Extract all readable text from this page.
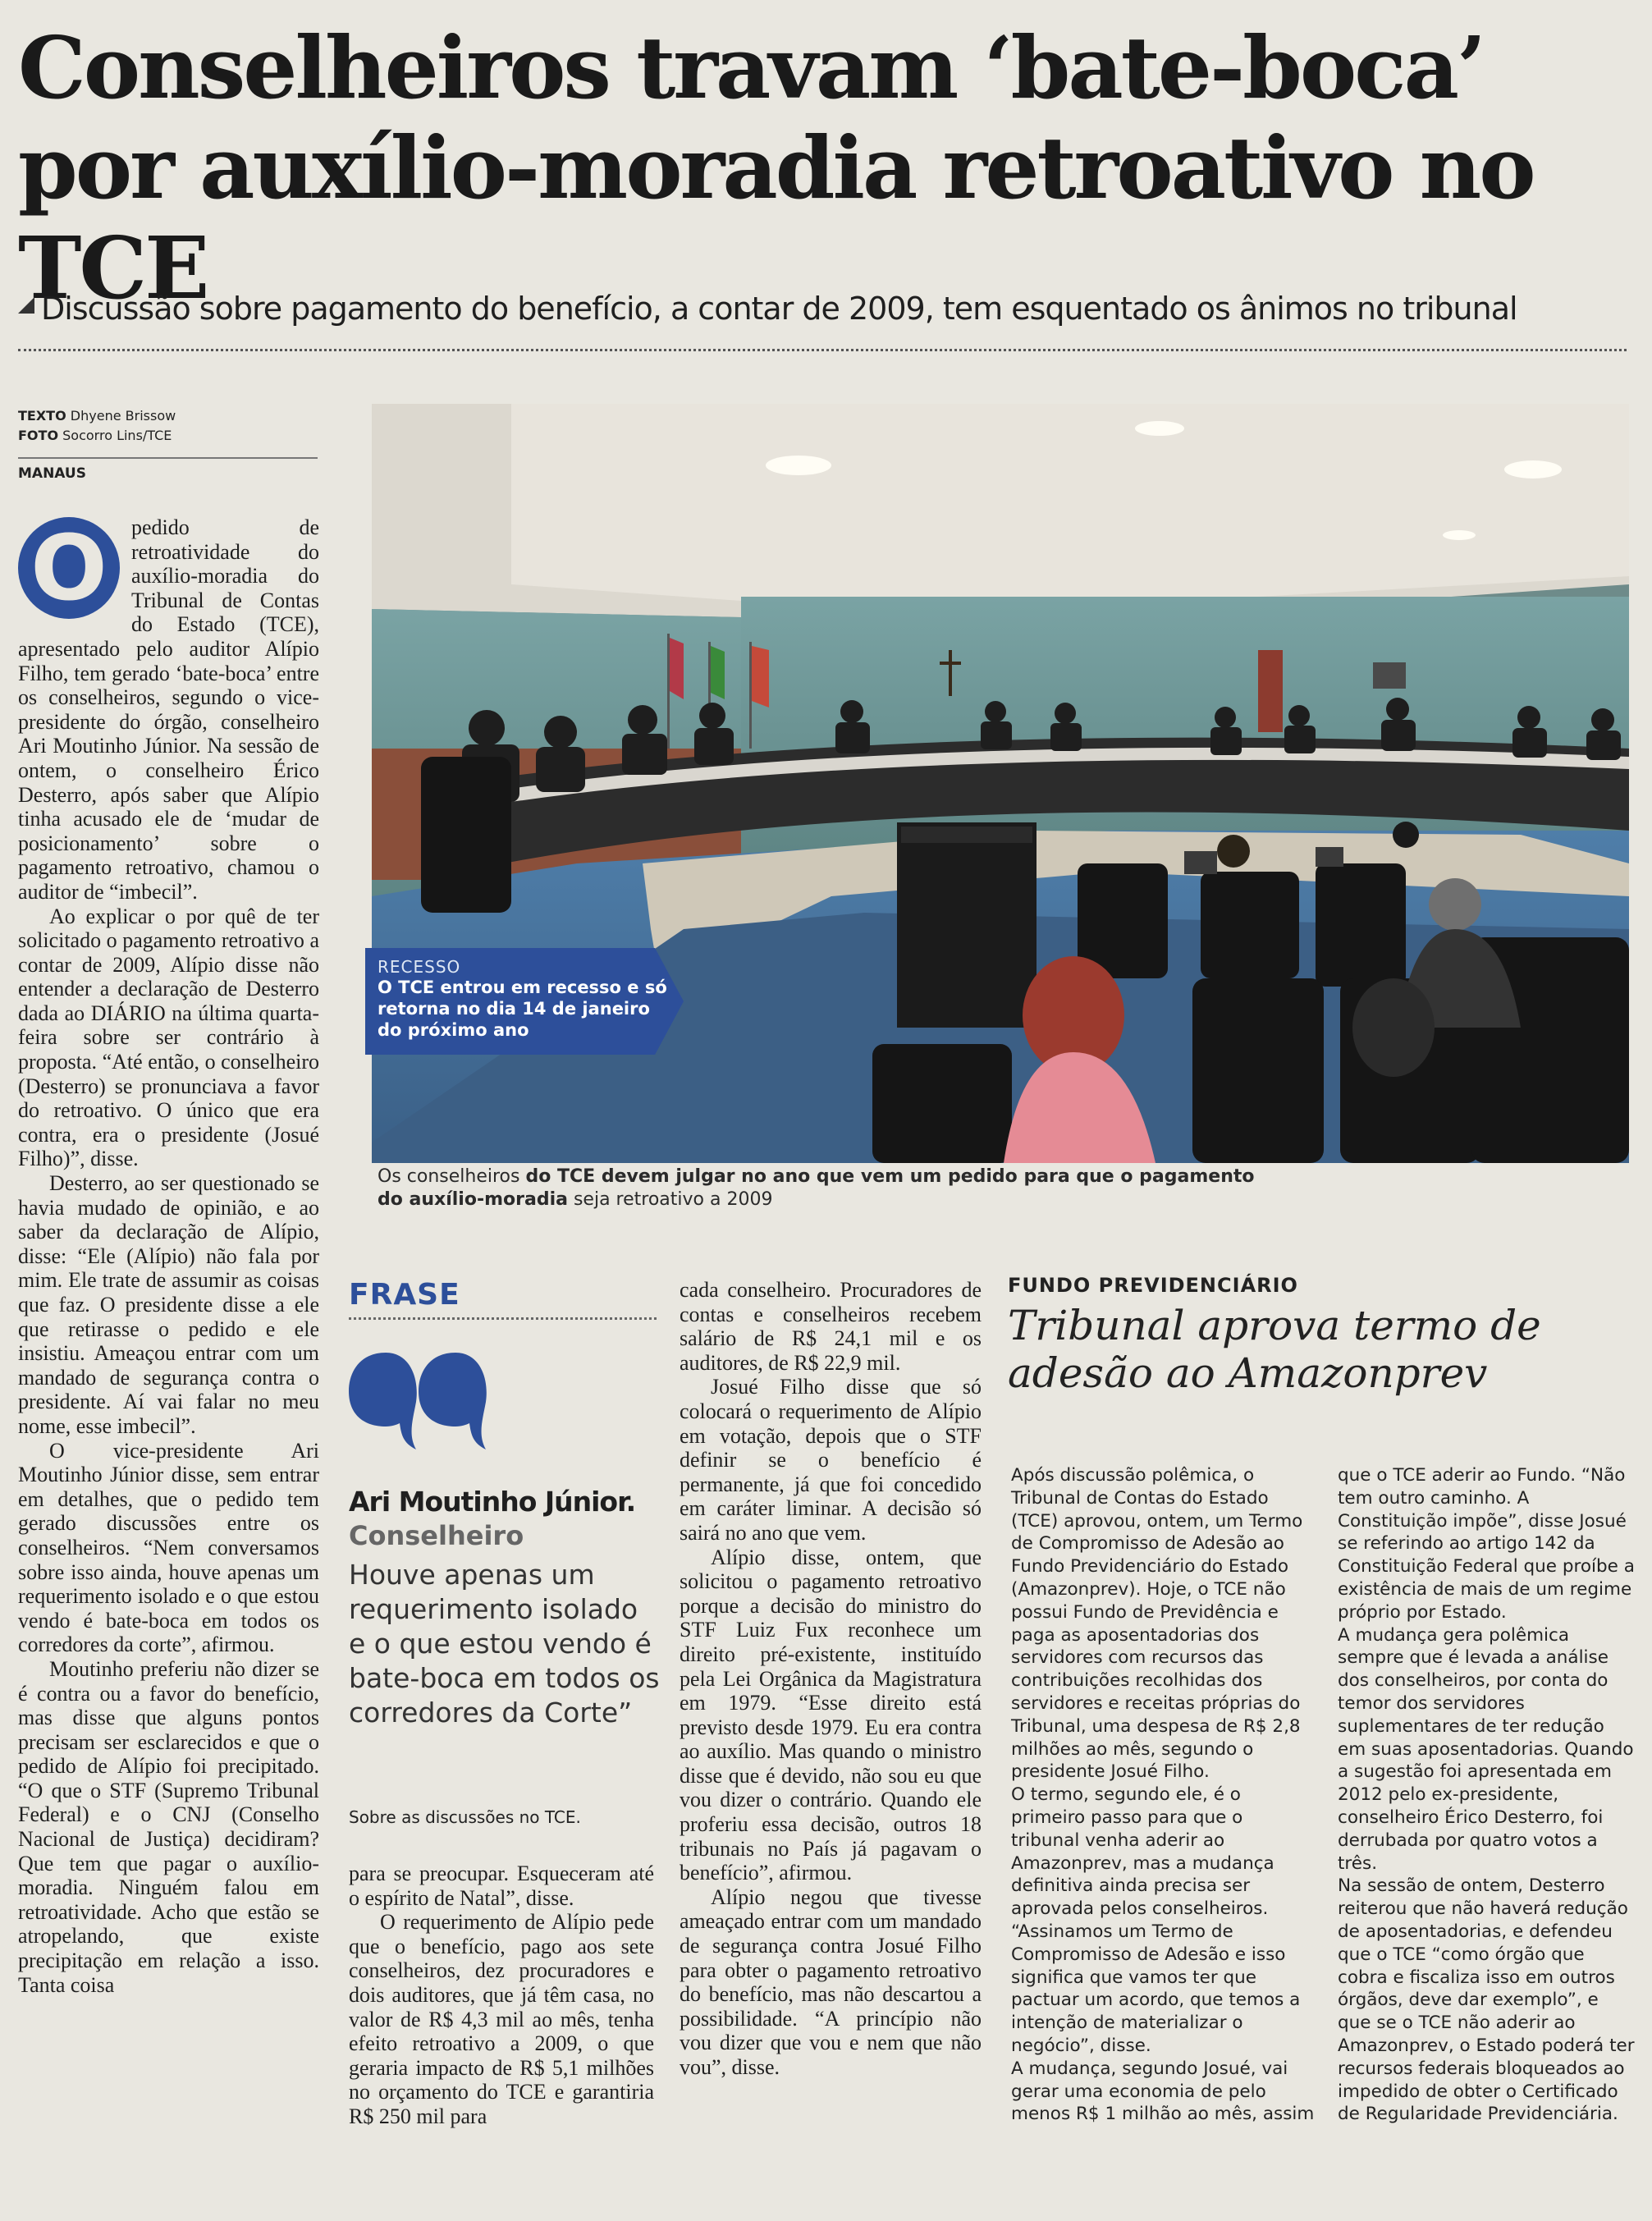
Conselheiros travam ‘bate-boca’ por auxílio-moradia retroativo no TCE
Discussão sobre pagamento do benefício, a contar de 2009, tem esquentado os ânimos no tribunal
TEXTO Dhyene Brissow
FOTO Socorro Lins/TCE
MANAUS

O	pedido de retroatividade do auxílio-moradia do Tribunal de Contas do Estado (TCE), apresentado pelo auditor Alípio Filho, tem gerado ‘bate-boca’ entre os conselheiros, segundo o vice-presidente do órgão, conselheiro Ari Moutinho Júnior. Na sessão de ontem, o conselheiro Érico Desterro, após saber que Alípio tinha acusado ele de ‘mudar de posicionamento’ sobre o pagamento retroativo, chamou o auditor de “imbecil”.

Ao explicar o por quê de ter solicitado o pagamento retroativo a contar de 2009, Alípio disse não entender a declaração de Desterro dada ao DIÁRIO na última quarta-feira sobre ser contrário à proposta. “Até então, o conselheiro (Desterro) se pronunciava a favor do retroativo. O único que era contra, era o presidente (Josué Filho)”, disse.

Desterro, ao ser questionado se havia mudado de opinião, e ao saber da declaração de Alípio, disse: “Ele (Alípio) não fala por mim. Ele trate de assumir as coisas que faz. O presidente disse a ele que retirasse o pedido e ele insistiu. Ameaçou entrar com um mandado de segurança contra o presidente. Aí vai falar no meu nome, esse imbecil”.

O vice-presidente Ari Moutinho Júnior disse, sem entrar em detalhes, que o pedido tem gerado discussões entre os conselheiros. “Nem conversamos sobre isso ainda, houve apenas um requerimento isolado e o que estou vendo é bate-boca em todos os corredores da corte”, afirmou.

Moutinho preferiu não dizer se é contra ou a favor do benefício, mas disse que alguns pontos precisam ser esclarecidos e que o pedido de Alípio foi precipitado. “O que o STF (Supremo Tribunal Federal) e o CNJ (Conselho Nacional de Justiça) decidiram? Que tem que pagar o auxílio-moradia. Ninguém falou em retroatividade. Acho que estão se atropelando, que existe precipitação em relação a isso. Tanta coisa

RECESSO
O TCE entrou em recesso e só retorna no dia 14 de janeiro do próximo ano
Os conselheiros do TCE devem julgar no ano que vem um pedido para que o pagamento do auxílio-moradia seja retroativo a 2009
FRASE
Ari Moutinho Júnior.
Conselheiro
Houve apenas um requerimento isolado e o que estou vendo é bate-boca em todos os corredores da Corte”
Sobre as discussões no TCE.

para se preocupar. Esqueceram até o espírito de Natal”, disse.

O requerimento de Alípio pede que o benefício, pago aos sete conselheiros, dez procuradores e dois auditores, que já têm casa, no valor de R$ 4,3 mil ao mês, tenha efeito retroativo a 2009, o que geraria impacto de R$ 5,1 milhões no orçamento do TCE e garantiria R$ 250 mil para

cada conselheiro. Procuradores de contas e conselheiros recebem salário de R$ 24,1 mil e os auditores, de R$ 22,9 mil.

Josué Filho disse que só colocará o requerimento de Alípio em votação, depois que o STF definir se o benefício é permanente, já que foi concedido em caráter liminar. A decisão só sairá no ano que vem.

Alípio disse, ontem, que solicitou o pagamento retroativo porque a decisão do ministro do STF Luiz Fux reconhece um direito pré-existente, instituído pela Lei Orgânica da Magistratura em 1979. “Esse direito está previsto desde 1979. Eu era contra ao auxílio. Mas quando o ministro disse que é devido, não sou eu que vou dizer o contrário. Quando ele proferiu essa decisão, outros 18 tribunais no País já pagavam o benefício”, afirmou.

Alípio negou que tivesse ameaçado entrar com um mandado de segurança contra Josué Filho para obter o pagamento retroativo do benefício, mas não descartou a possibilidade. “A princípio não vou dizer que vou e nem que não vou”, disse.

FUNDO PREVIDENCIÁRIO
Tribunal aprova termo de adesão ao Amazonprev

Após discussão polêmica, o Tribunal de Contas do Estado (TCE) aprovou, ontem, um Termo de Compromisso de Adesão ao Fundo Previdenciário do Estado (Amazonprev). Hoje, o TCE não possui Fundo de Previdência e paga as aposentadorias dos servidores com recursos das contribuições recolhidas dos servidores e receitas próprias do Tribunal, uma despesa de R$ 2,8 milhões ao mês, segundo o presidente Josué Filho.

O termo, segundo ele, é o primeiro passo para que o tribunal venha aderir ao Amazonprev, mas a mudança definitiva ainda precisa ser aprovada pelos conselheiros. “Assinamos um Termo de Compromisso de Adesão e isso significa que vamos ter que pactuar um acordo, que temos a intenção de materializar o negócio”, disse.

A mudança, segundo Josué, vai gerar uma economia de pelo menos R$ 1 milhão ao mês, assim

que o TCE aderir ao Fundo. “Não tem outro caminho. A Constituição impõe”, disse Josué se referindo ao artigo 142 da Constituição Federal que proíbe a existência de mais de um regime próprio por Estado.

A mudança gera polêmica sempre que é levada a análise dos conselheiros, por conta do temor dos servidores suplementares de ter redução em suas aposentadorias. Quando a sugestão foi apresentada em 2012 pelo ex-presidente, conselheiro Érico Desterro, foi derrubada por quatro votos a três.

Na sessão de ontem, Desterro reiterou que não haverá redução de aposentadorias, e defendeu que o TCE “como órgão que cobra e fiscaliza isso em outros órgãos, deve dar exemplo”, e que se o TCE não aderir ao Amazonprev, o Estado poderá ter recursos federais bloqueados ao impedido de obter o Certificado de Regularidade Previdenciária.
